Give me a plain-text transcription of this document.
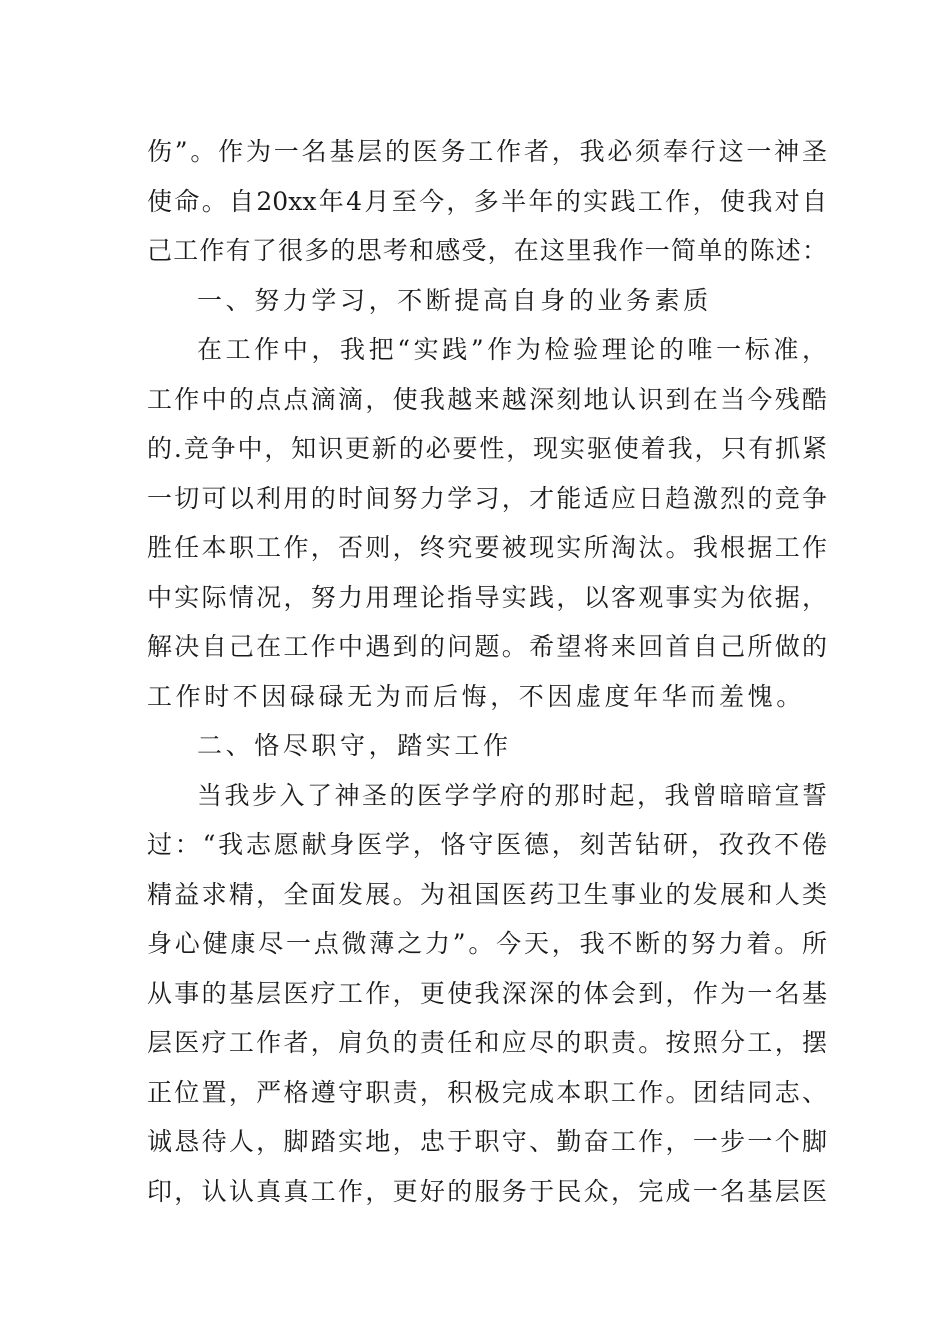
伤”。作为一名基层的医务工作者，我必须奉行这一神圣
使命。自20xx年4月至今，多半年的实践工作，使我对自
己工作有了很多的思考和感受，在这里我作一简单的陈述：
一、努力学习，不断提高自身的业务素质
在工作中，我把“实践”作为检验理论的唯一标准，
工作中的点点滴滴，使我越来越深刻地认识到在当今残酷
的.竞争中，知识更新的必要性，现实驱使着我，只有抓紧
一切可以利用的时间努力学习，才能适应日趋激烈的竞争
胜任本职工作，否则，终究要被现实所淘汰。我根据工作
中实际情况，努力用理论指导实践，以客观事实为依据，
解决自己在工作中遇到的问题。希望将来回首自己所做的
工作时不因碌碌无为而后悔，不因虚度年华而羞愧。
二、恪尽职守，踏实工作
当我步入了神圣的医学学府的那时起，我曾暗暗宣誓
过：“我志愿献身医学，恪守医德，刻苦钻研，孜孜不倦
精益求精，全面发展。为祖国医药卫生事业的发展和人类
身心健康尽一点微薄之力”。今天，我不断的努力着。所
从事的基层医疗工作，更使我深深的体会到，作为一名基
层医疗工作者，肩负的责任和应尽的职责。按照分工，摆
正位置，严格遵守职责，积极完成本职工作。团结同志、
诚恳待人，脚踏实地，忠于职守、勤奋工作，一步一个脚
印，认认真真工作，更好的服务于民众，完成一名基层医
